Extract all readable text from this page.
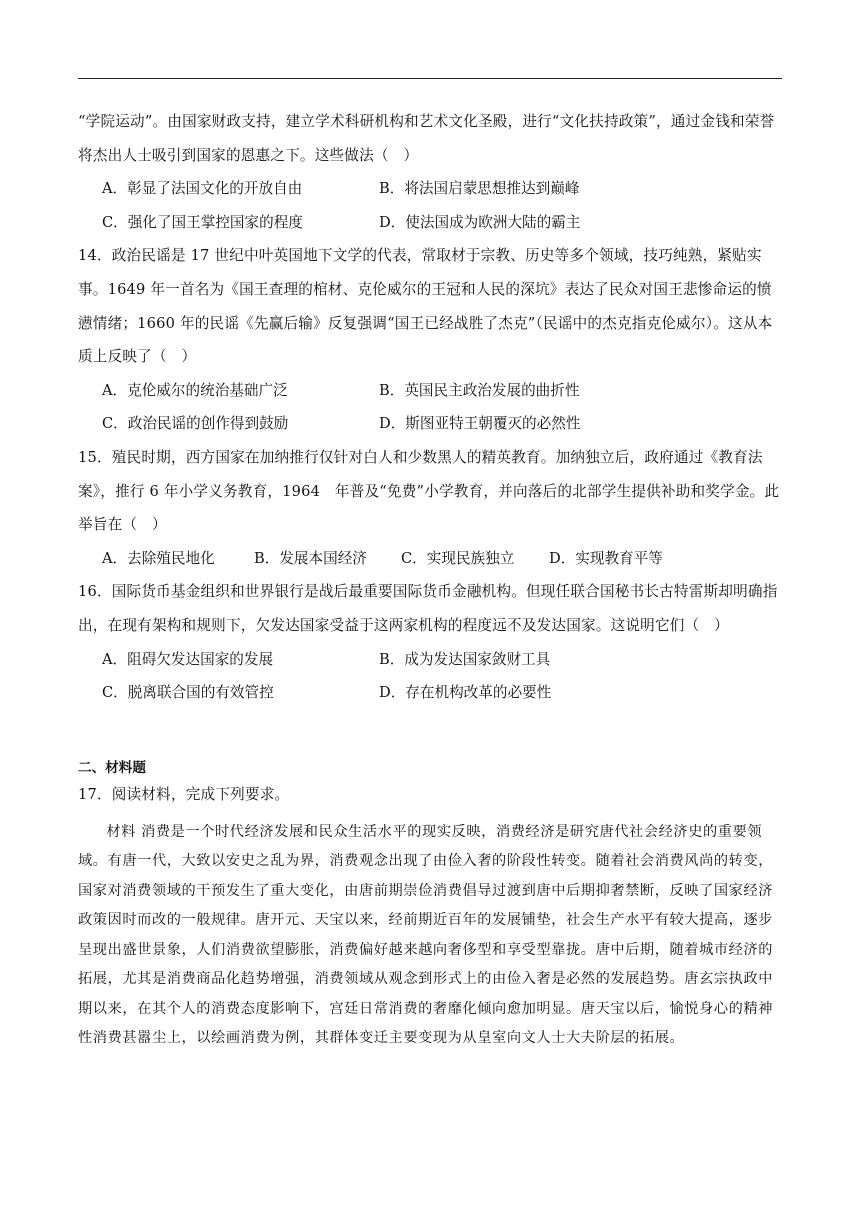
“学院运动”。由国家财政支持，建立学术科研机构和艺术文化圣殿，进行“文化扶持政策”，通过金钱和荣誉将杰出人士吸引到国家的恩惠之下。这些做法（　）

A．彰显了法国文化的开放自由	B．将法国启蒙思想推达到巅峰
C．强化了国王掌控国家的程度	D．使法国成为欧洲大陆的霸主

14．政治民谣是 17 世纪中叶英国地下文学的代表，常取材于宗教、历史等多个领域，技巧纯熟，紧贴实事。1649 年一首名为《国王查理的棺材、克伦威尔的王冠和人民的深坑》表达了民众对国王悲惨命运的愤懑情绪；1660 年的民谣《先赢后输》反复强调“国王已经战胜了杰克”（民谣中的杰克指克伦威尔）。这从本质上反映了（　）

A．克伦威尔的统治基础广泛	B．英国民主政治发展的曲折性
C．政治民谣的创作得到鼓励	D．斯图亚特王朝覆灭的必然性

15．殖民时期，西方国家在加纳推行仅针对白人和少数黑人的精英教育。加纳独立后，政府通过《教育法案》，推行 6 年小学义务教育，1964　年普及“免费”小学教育，并向落后的北部学生提供补助和奖学金。此举旨在（　）

A．去除殖民地化	B．发展本国经济	C．实现民族独立	D．实现教育平等

16．国际货币基金组织和世界银行是战后最重要国际货币金融机构。但现任联合国秘书长古特雷斯却明确指出，在现有架构和规则下，欠发达国家受益于这两家机构的程度远不及发达国家。这说明它们（　）

A．阻碍欠发达国家的发展	B．成为发达国家敛财工具
C．脱离联合国的有效管控	D．存在机构改革的必要性
二、材料题

17．阅读材料，完成下列要求。

材料 消费是一个时代经济发展和民众生活水平的现实反映，消费经济是研究唐代社会经济史的重要领域。有唐一代，大致以安史之乱为界，消费观念出现了由俭入奢的阶段性转变。随着社会消费风尚的转变，国家对消费领域的干预发生了重大变化，由唐前期崇俭消费倡导过渡到唐中后期抑奢禁断，反映了国家经济政策因时而改的一般规律。唐开元、天宝以来，经前期近百年的发展铺垫，社会生产水平有较大提高，逐步呈现出盛世景象，人们消费欲望膨胀，消费偏好越来越向奢侈型和享受型靠拢。唐中后期，随着城市经济的拓展，尤其是消费商品化趋势增强，消费领域从观念到形式上的由俭入奢是必然的发展趋势。唐玄宗执政中期以来，在其个人的消费态度影响下，宫廷日常消费的奢靡化倾向愈加明显。唐天宝以后，愉悦身心的精神性消费甚嚣尘上，以绘画消费为例，其群体变迁主要变现为从皇室向文人士大夫阶层的拓展。
